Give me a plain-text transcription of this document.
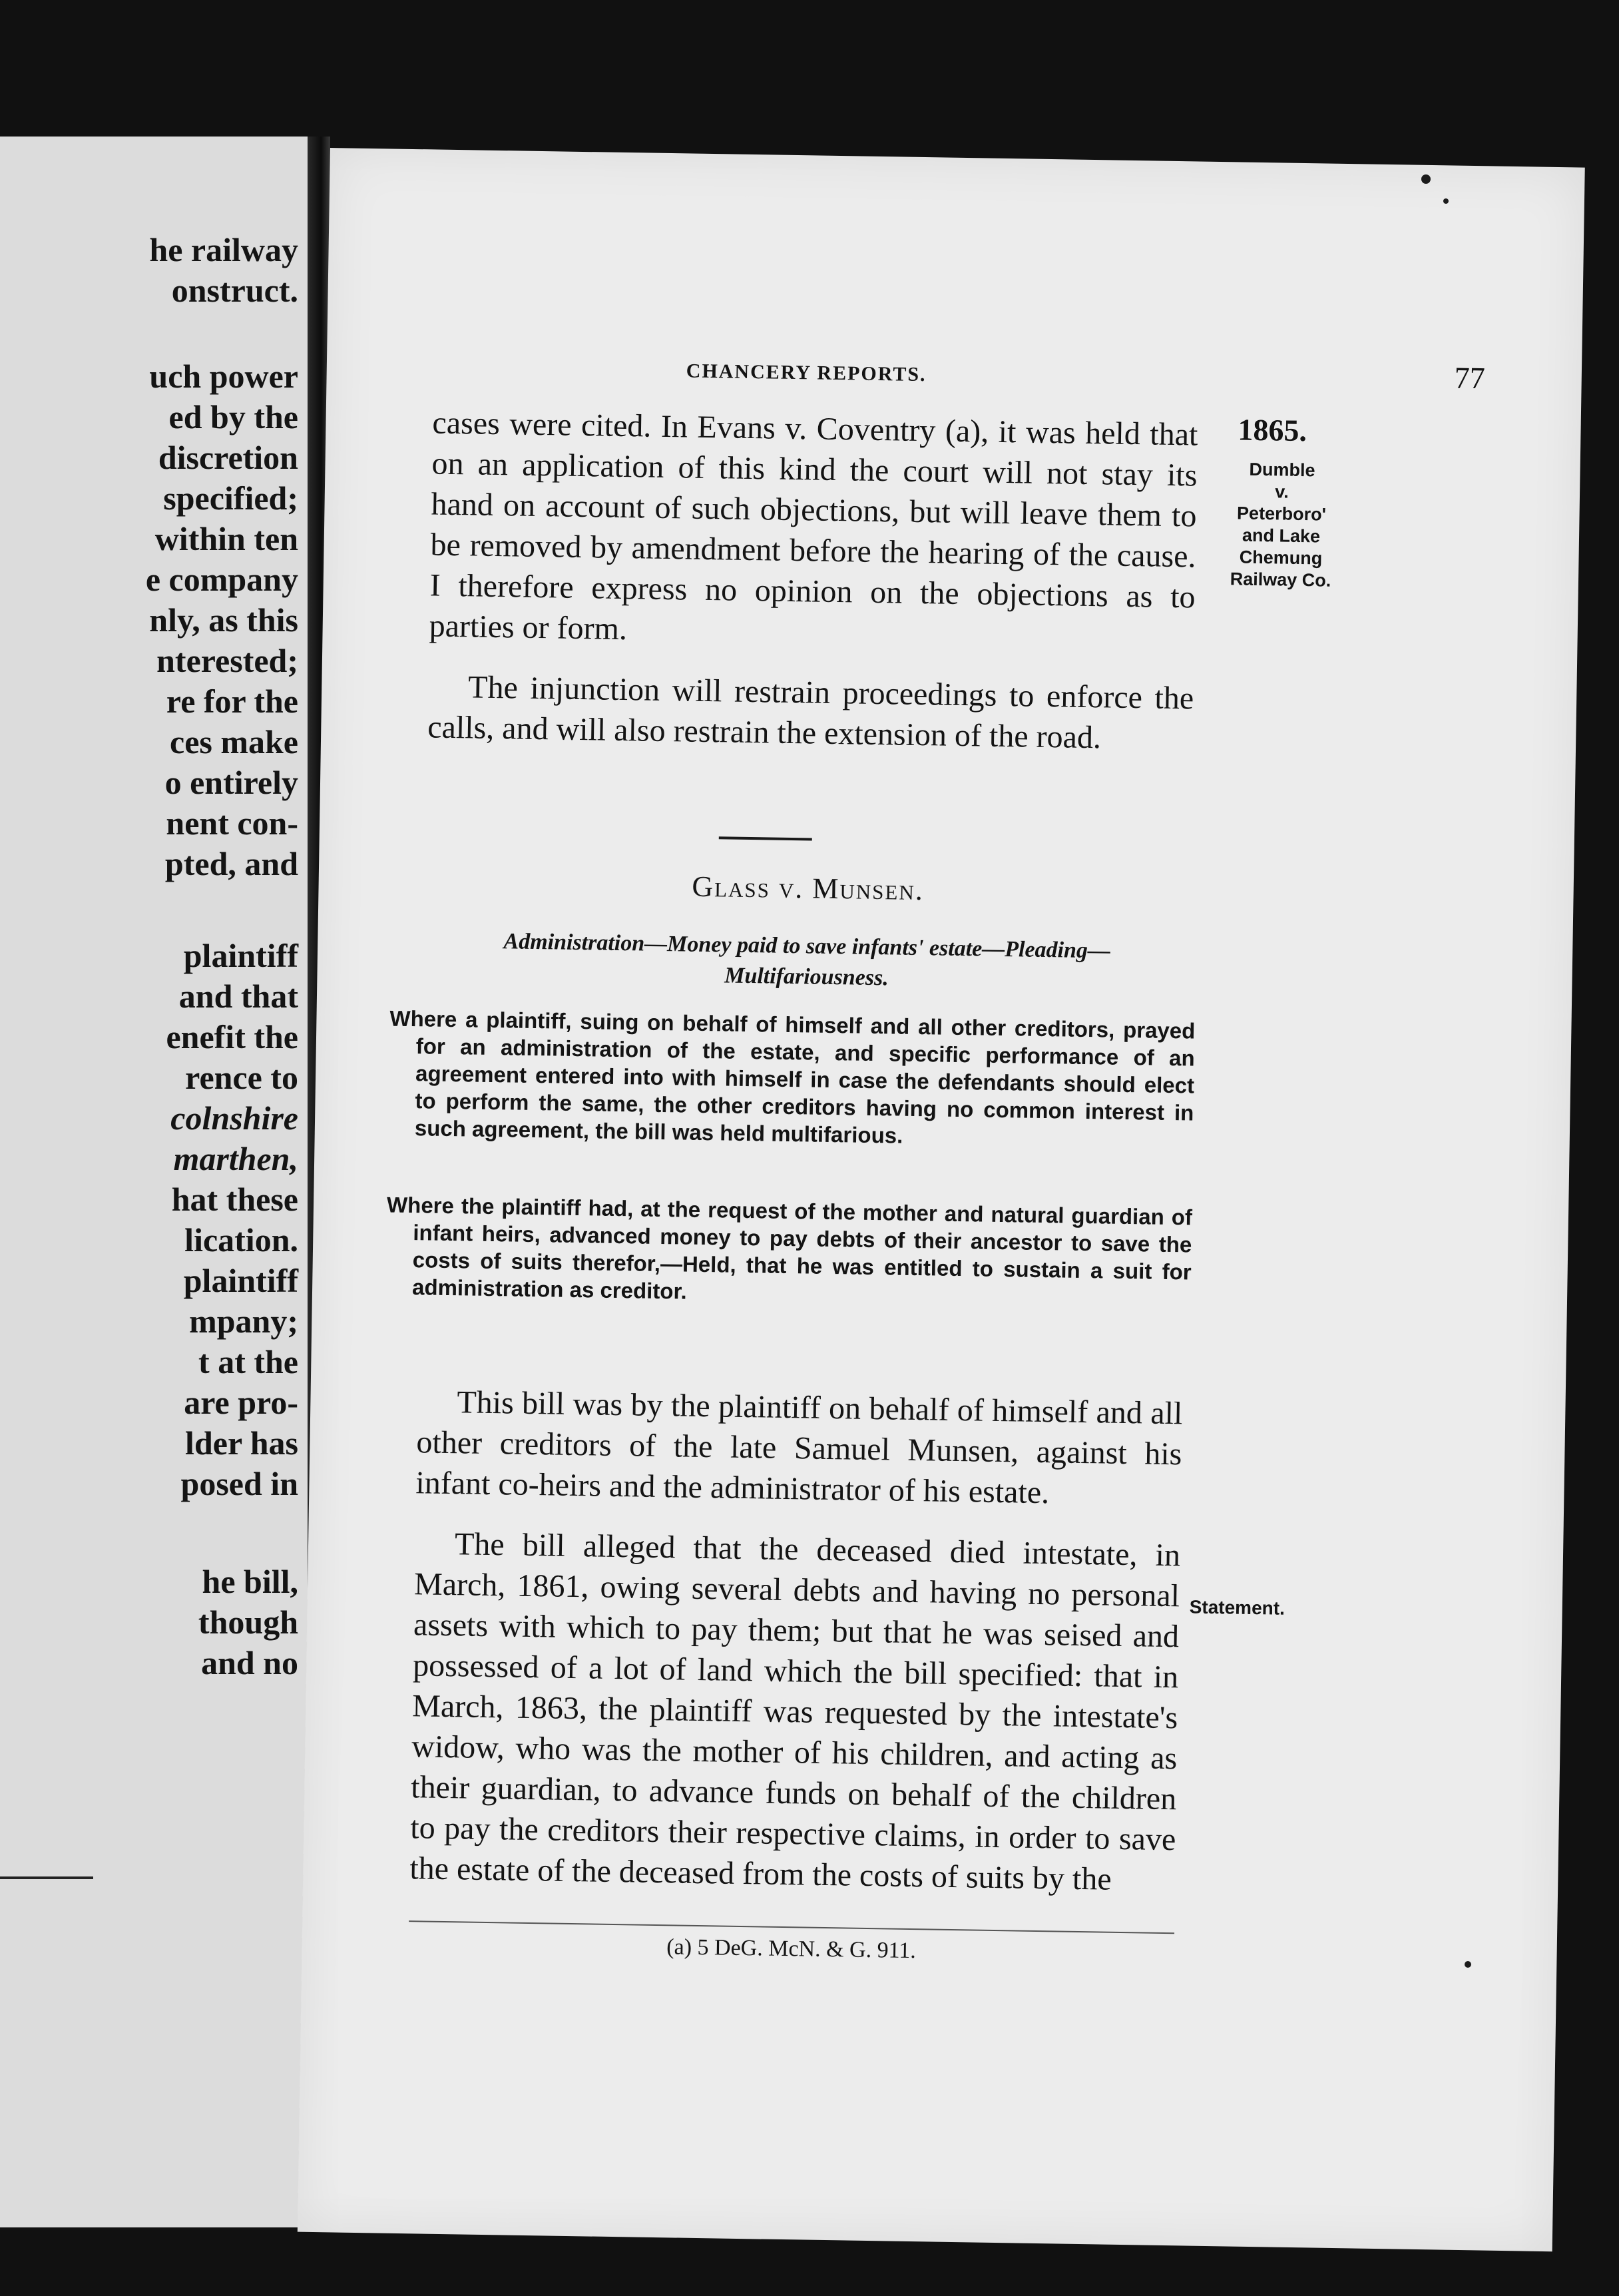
he railway
onstruct.
uch power
ed by the
discretion
specified;
within ten
e company
nly, as this
nterested;
re for the
ces make
o entirely
nent con-
pted, and
plaintiff
and that
enefit the
rence to
colnshire
marthen,
hat these
lication.
plaintiff
mpany;
t at the
are pro-
lder has
posed in
he bill,
though
and no
CHANCERY REPORTS.	77
1865.
Dumble
v.
Peterboro'
and Lake
Chemung
Railway Co.

cases were cited. In Evans v. Coventry (a), it was held that on an application of this kind the court will not stay its hand on account of such objections, but will leave them to be removed by amendment before the hearing of the cause. I therefore express no opinion on the objections as to parties or form.

The injunction will restrain proceedings to enforce the calls, and will also restrain the extension of the road.

Glass v. Munsen.
Administration—Money paid to save infants' estate—Pleading—Multifariousness.
Where a plaintiff, suing on behalf of himself and all other creditors, prayed for an administration of the estate, and specific performance of an agreement entered into with himself in case the defendants should elect to perform the same, the other creditors having no common interest in such agreement, the bill was held multifarious.
Where the plaintiff had, at the request of the mother and natural guardian of infant heirs, advanced money to pay debts of their ancestor to save the costs of suits therefor,—Held, that he was entitled to sustain a suit for administration as creditor.

This bill was by the plaintiff on behalf of himself and all other creditors of the late Samuel Munsen, against his infant co-heirs and the administrator of his estate.

The bill alleged that the deceased died intestate, in March, 1861, owing several debts and having no personal assets with which to pay them; but that he was seised and possessed of a lot of land which the bill specified: that in March, 1863, the plaintiff was requested by the intestate's widow, who was the mother of his children, and acting as their guardian, to advance funds on behalf of the children to pay the creditors their respective claims, in order to save the estate of the deceased from the costs of suits by the

Statement.
(a) 5 DeG. McN. & G. 911.
